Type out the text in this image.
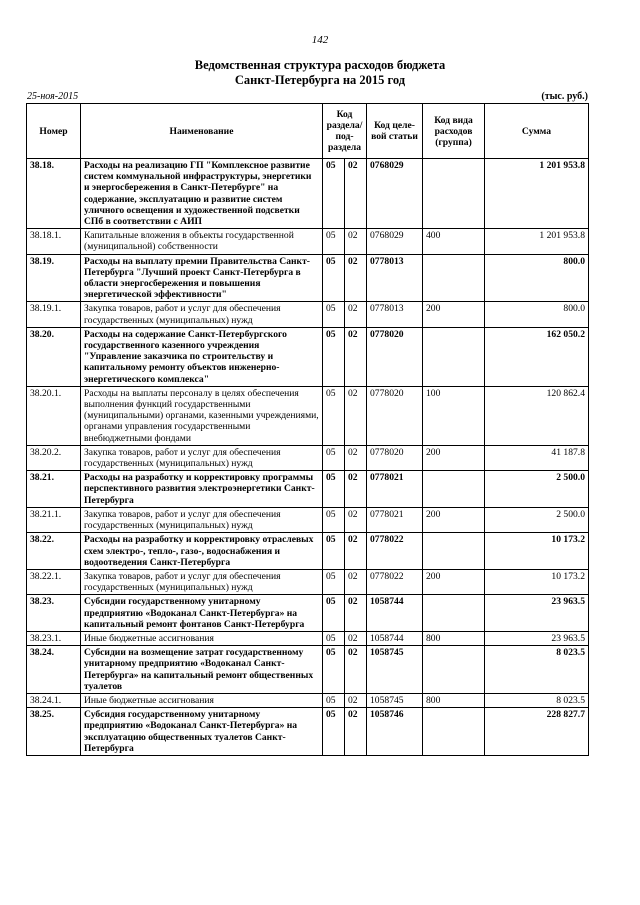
142
Ведомственная структура расходов бюджета
Санкт-Петербурга на 2015 год
25-ноя-2015	(тыс. руб.)
Номер	Наименование	Код раздела/ под-раздела		Код целе-вой статьи	Код вида расходов (группа)	Сумма
38.18.	Расходы на реализацию ГП "Комплексное развитие систем коммунальной инфраструктуры, энергетики и энергосбережения в Санкт-Петербурге" на содержание, эксплуатацию и развитие систем уличного освещения и художественной подсветки СПб в соответствии с АИП	05	02	0768029		1 201 953.8
38.18.1.	Капитальные вложения в объекты государственной (муниципальной) собственности	05	02	0768029	400	1 201 953.8
38.19.	Расходы на выплату премии Правительства Санкт-Петербурга "Лучший проект Санкт-Петербурга в области энергосбережения и повышения энергетической эффективности"	05	02	0778013		800.0
38.19.1.	Закупка товаров, работ и услуг для обеспечения государственных (муниципальных) нужд	05	02	0778013	200	800.0
38.20.	Расходы на содержание Санкт-Петербургского государственного казенного учреждения "Управление заказчика по строительству и капитальному ремонту объектов инженерно-энергетического комплекса"	05	02	0778020		162 050.2
38.20.1.	Расходы на выплаты персоналу в целях обеспечения выполнения функций государственными (муниципальными) органами, казенными учреждениями, органами управления государственными внебюджетными фондами	05	02	0778020	100	120 862.4
38.20.2.	Закупка товаров, работ и услуг для обеспечения государственных (муниципальных) нужд	05	02	0778020	200	41 187.8
38.21.	Расходы на разработку и корректировку программы перспективного развития электроэнергетики Санкт-Петербурга	05	02	0778021		2 500.0
38.21.1.	Закупка товаров, работ и услуг для обеспечения государственных (муниципальных) нужд	05	02	0778021	200	2 500.0
38.22.	Расходы на разработку и корректировку отраслевых схем электро-, тепло-, газо-, водоснабжения и водоотведения Санкт-Петербурга	05	02	0778022		10 173.2
38.22.1.	Закупка товаров, работ и услуг для обеспечения государственных (муниципальных) нужд	05	02	0778022	200	10 173.2
38.23.	Субсидии государственному унитарному предприятию «Водоканал Санкт-Петербурга» на капитальный ремонт фонтанов Санкт-Петербурга	05	02	1058744		23 963.5
38.23.1.	Иные бюджетные ассигнования	05	02	1058744	800	23 963.5
38.24.	Субсидии на возмещение затрат государственному унитарному предприятию «Водоканал Санкт-Петербурга» на капитальный ремонт общественных туалетов	05	02	1058745		8 023.5
38.24.1.	Иные бюджетные ассигнования	05	02	1058745	800	8 023.5
38.25.	Субсидия государственному унитарному предприятию «Водоканал Санкт-Петербурга» на эксплуатацию общественных туалетов Санкт-Петербурга	05	02	1058746		228 827.7
